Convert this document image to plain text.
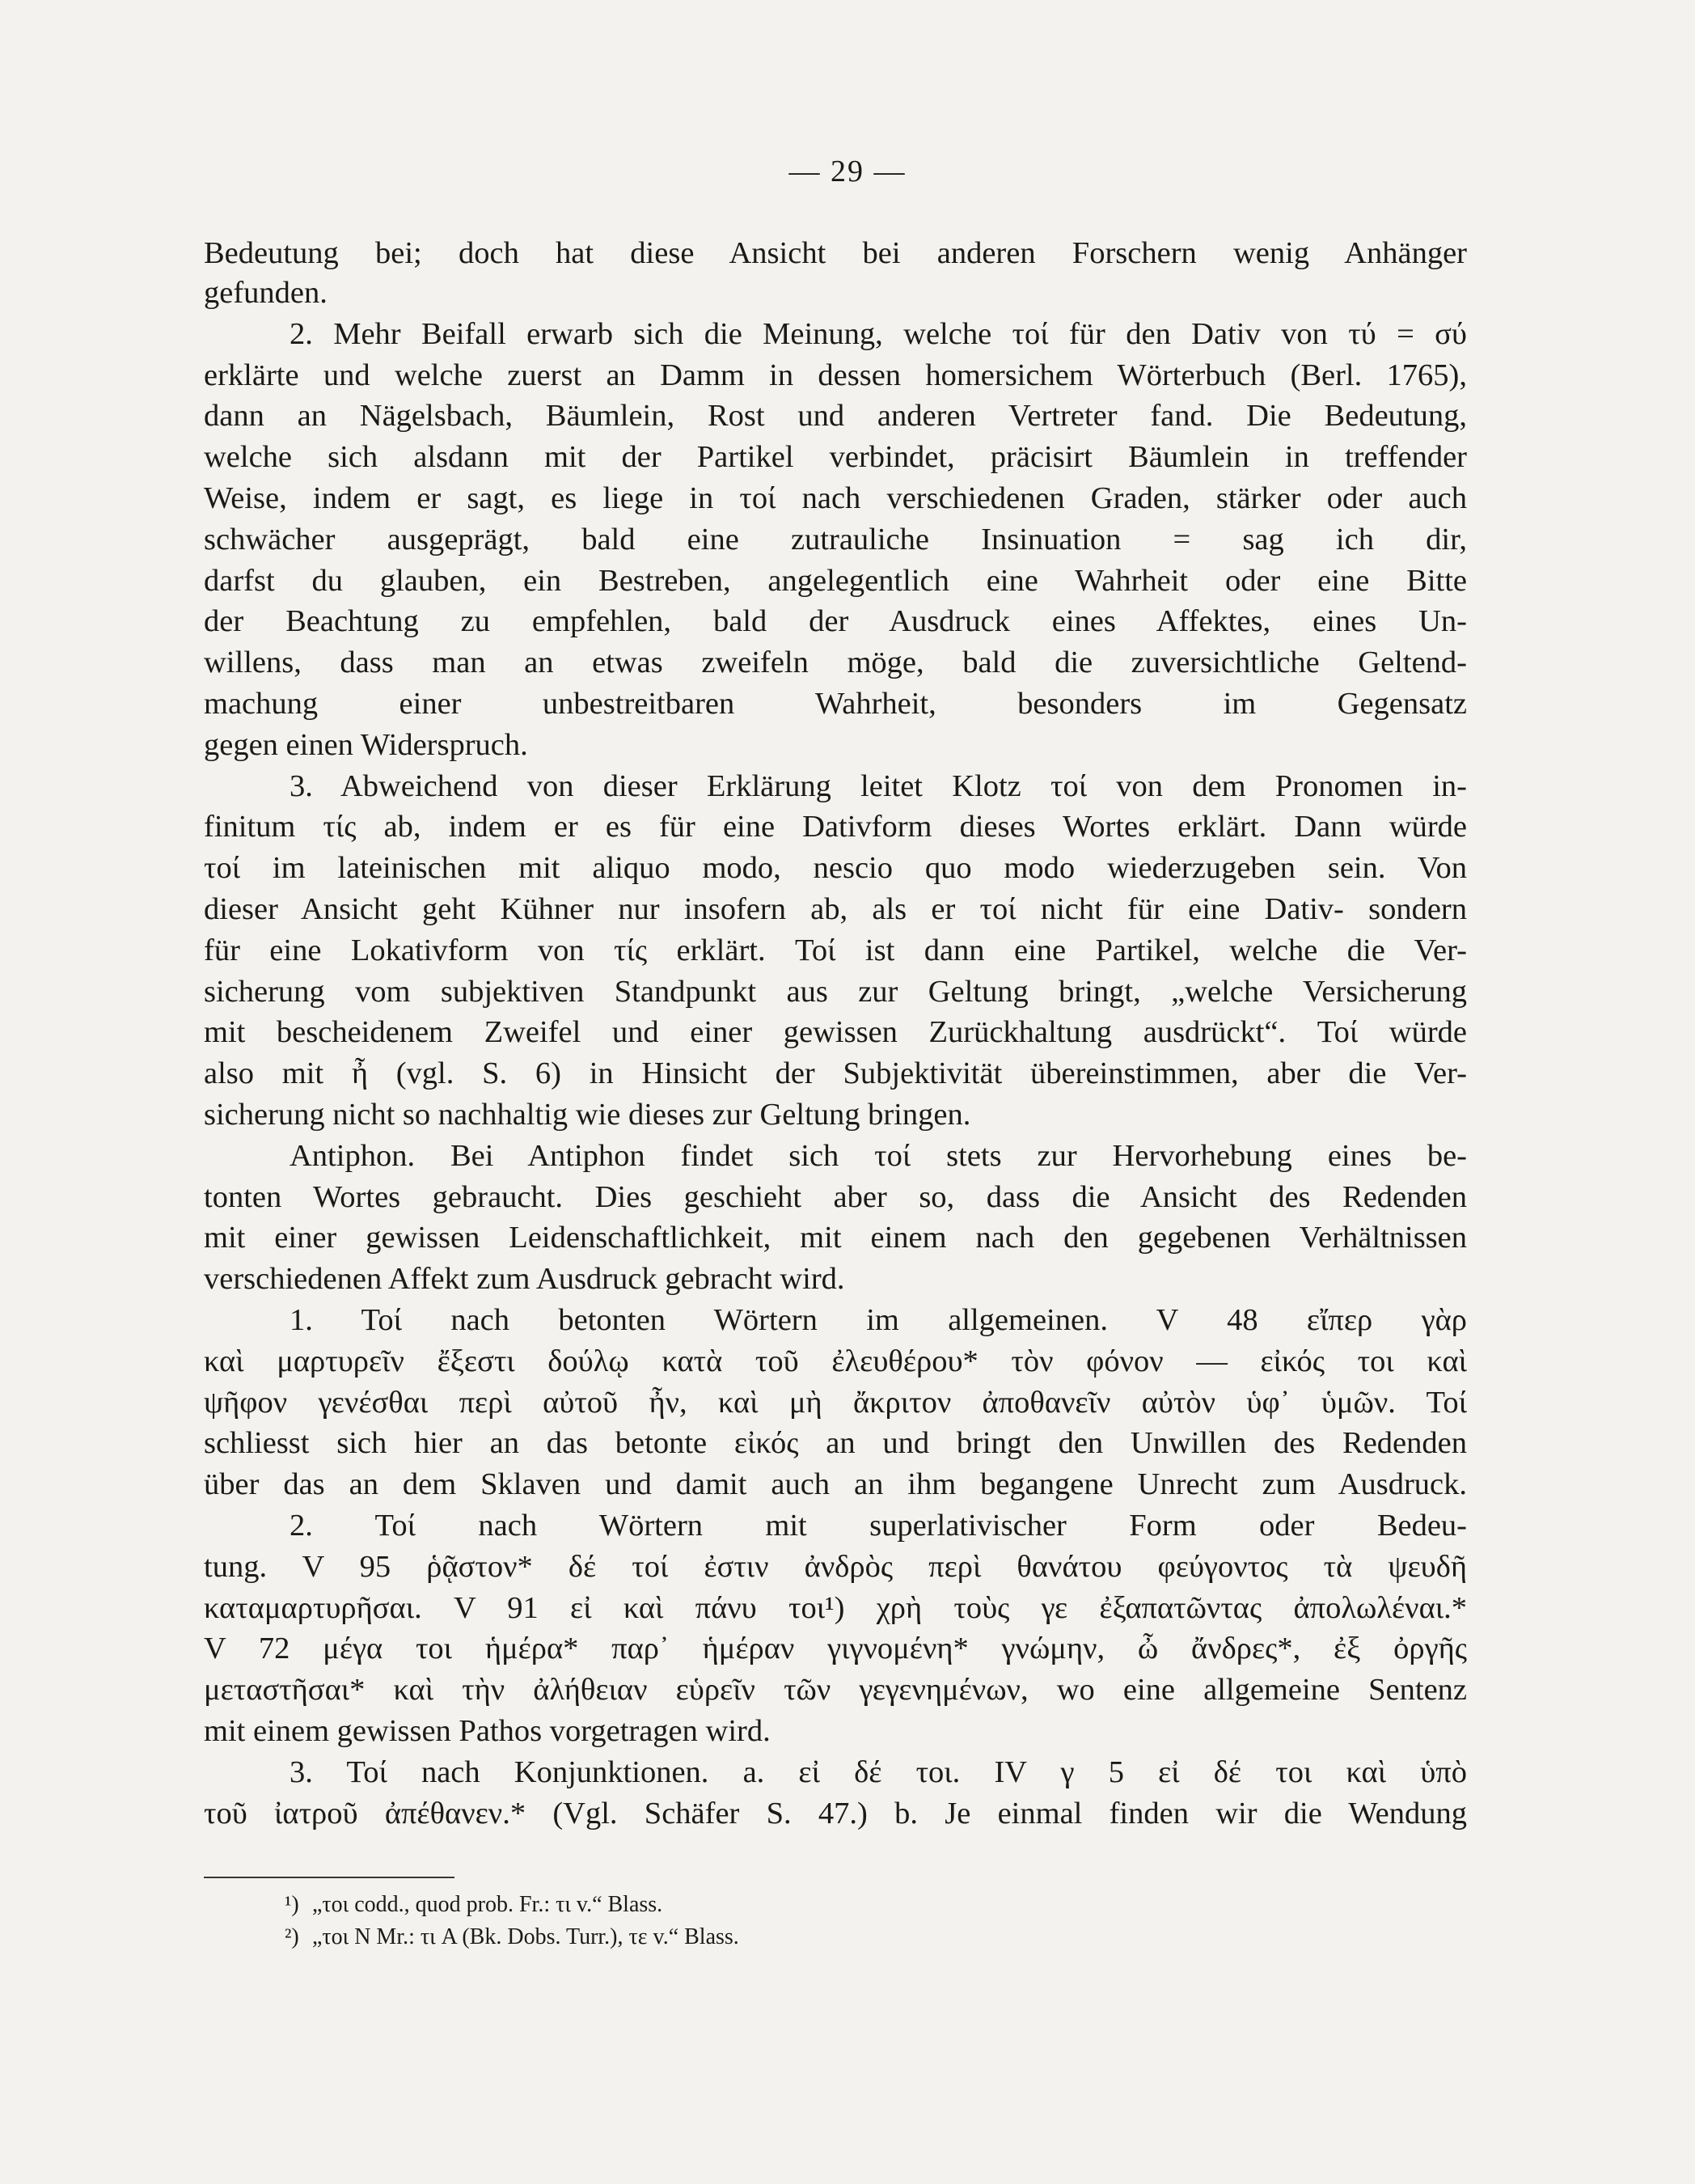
— 29 —
Bedeutung bei; doch hat diese Ansicht bei anderen Forschern wenig Anhänger
gefunden.
2. Mehr Beifall erwarb sich die Meinung, welche τοί für den Dativ von τύ = σύ
erklärte und welche zuerst an Damm in dessen homersichem Wörterbuch (Berl. 1765),
dann an Nägelsbach, Bäumlein, Rost und anderen Vertreter fand. Die Bedeutung,
welche sich alsdann mit der Partikel verbindet, präcisirt Bäumlein in treffender
Weise, indem er sagt, es liege in τοί nach verschiedenen Graden, stärker oder auch
schwächer ausgeprägt, bald eine zutrauliche Insinuation = sag ich dir,
darfst du glauben, ein Bestreben, angelegentlich eine Wahrheit oder eine Bitte
der Beachtung zu empfehlen, bald der Ausdruck eines Affektes, eines Un-
willens, dass man an etwas zweifeln möge, bald die zuversichtliche Geltend-
machung einer unbestreitbaren Wahrheit, besonders im Gegensatz
gegen einen Widerspruch.
3. Abweichend von dieser Erklärung leitet Klotz τοί von dem Pronomen in-
finitum τίς ab, indem er es für eine Dativform dieses Wortes erklärt. Dann würde
τοί im lateinischen mit aliquo modo, nescio quo modo wiederzugeben sein. Von
dieser Ansicht geht Kühner nur insofern ab, als er τοί nicht für eine Dativ- sondern
für eine Lokativform von τίς erklärt. Τοί ist dann eine Partikel, welche die Ver-
sicherung vom subjektiven Standpunkt aus zur Geltung bringt, „welche Versicherung
mit bescheidenem Zweifel und einer gewissen Zurückhaltung ausdrückt“. Τοί würde
also mit ἦ (vgl. S. 6) in Hinsicht der Subjektivität übereinstimmen, aber die Ver-
sicherung nicht so nachhaltig wie dieses zur Geltung bringen.
Antiphon. Bei Antiphon findet sich τοί stets zur Hervorhebung eines be-
tonten Wortes gebraucht. Dies geschieht aber so, dass die Ansicht des Redenden
mit einer gewissen Leidenschaftlichkeit, mit einem nach den gegebenen Verhältnissen
verschiedenen Affekt zum Ausdruck gebracht wird.
1. Τοί nach betonten Wörtern im allgemeinen. V 48 εἴπερ γὰρ
καὶ μαρτυρεῖν ἔξεστι δούλῳ κατὰ τοῦ ἐλευθέρου* τὸν φόνον — εἰκός τοι καὶ
ψῆφον γενέσθαι περὶ αὐτοῦ ἦν, καὶ μὴ ἄκριτον ἀποθανεῖν αὐτὸν ὑφ᾽ ὑμῶν. Τοί
schliesst sich hier an das betonte εἰκός an und bringt den Unwillen des Redenden
über das an dem Sklaven und damit auch an ihm begangene Unrecht zum Ausdruck.
2. Τοί nach Wörtern mit superlativischer Form oder Bedeu-
tung. V 95 ῥᾷστον* δέ τοί ἐστιν ἀνδρὸς περὶ θανάτου φεύγοντος τὰ ψευδῆ
καταμαρτυρῆσαι. V 91 εἰ καὶ πάνυ τοι¹) χρὴ τοὺς γε ἐξαπατῶντας ἀπολωλέναι.*
V 72 μέγα τοι ἡμέρα* παρ᾽ ἡμέραν γιγνομένη* γνώμην, ὦ ἄνδρες*, ἐξ ὀργῆς
μεταστῆσαι* καὶ τὴν ἀλήθειαν εὑρεῖν τῶν γεγενημένων, wo eine allgemeine Sentenz
mit einem gewissen Pathos vorgetragen wird.
3. Τοί nach Konjunktionen. a. εἰ δέ τοι. IV γ 5 εἰ δέ τοι καὶ ὑπὸ
τοῦ ἰατροῦ ἀπέθανεν.* (Vgl. Schäfer S. 47.) b. Je einmal finden wir die Wendung
¹) „τοι codd., quod prob. Fr.: τι v.“ Blass.
²) „τοι N Mr.: τι A (Bk. Dobs. Turr.), τε v.“ Blass.
